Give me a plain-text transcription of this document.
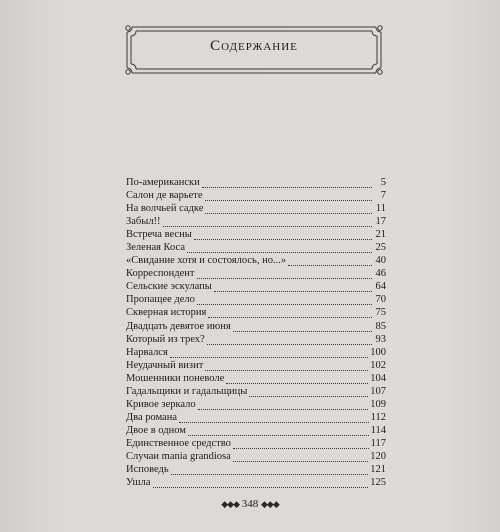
Содержание
По-американски	5
Салон де варьете	7
На волчьей садке	11
Забыл!!	17
Встреча весны	21
Зеленая Коса	25
«Свидание хотя и состоялось, но...»	40
Корреспондент	46
Сельские эскулапы	64
Пропащее дело	70
Скверная история	75
Двадцать девятое июня	85
Который из трех?	93
Нарвался	100
Неудачный визит	102
Мошенники поневоле	104
Гадальщики и гадальщицы	107
Кривое зеркало	109
Два романа	112
Двое в одном	114
Единственное средство	117
Случаи mania grandiosa	120
Исповедь	121
Ушла	125
◆◆◆ 348 ◆◆◆
